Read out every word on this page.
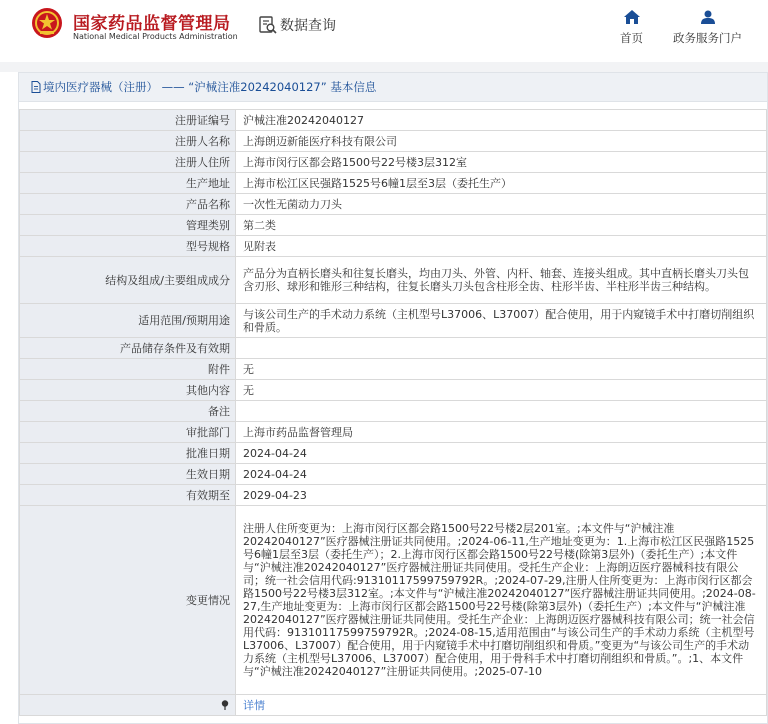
国家药品监督管理局
National Medical Products Administration
数据查询
首页	政务服务门户
境内医疗器械（注册） —— “沪械注准20242040127” 基本信息
注册证编号	沪械注准20242040127
注册人名称	上海朗迈新能医疗科技有限公司
注册人住所	上海市闵行区都会路1500号22号楼3层312室
生产地址	上海市松江区民强路1525号6幢1层至3层（委托生产）
产品名称	一次性无菌动力刀头
管理类别	第二类
型号规格	见附表
结构及组成/主要组成成分	产品分为直柄长磨头和往复长磨头，均由刀头、外管、内杆、轴套、连接头组成。其中直柄长磨头刀头包含刃形、球形和锥形三种结构，往复长磨头刀头包含柱形全齿、柱形半齿、半柱形半齿三种结构。
适用范围/预期用途	与该公司生产的手术动力系统（主机型号L37006、L37007）配合使用，用于内窥镜手术中打磨切削组织和骨质。
产品储存条件及有效期	
附件	无
其他内容	无
备注	
审批部门	上海市药品监督管理局
批准日期	2024-04-24
生效日期	2024-04-24
有效期至	2029-04-23
变更情况	注册人住所变更为：上海市闵行区都会路1500号22号楼2层201室。;本文件与“沪械注准20242040127”医疗器械注册证共同使用。;2024-06-11,生产地址变更为：1.上海市松江区民强路1525号6幢1层至3层（委托生产）；2.上海市闵行区都会路1500号22号楼(除第3层外)（委托生产）;本文件与“沪械注准20242040127”医疗器械注册证共同使用。受托生产企业：上海朗迈医疗器械科技有限公司；统一社会信用代码:91310117599759792R。;2024-07-29,注册人住所变更为：上海市闵行区都会路1500号22号楼3层312室。;本文件与“沪械注准20242040127”医疗器械注册证共同使用。;2024-08-27,生产地址变更为：上海市闵行区都会路1500号22号楼(除第3层外)（委托生产）;本文件与“沪械注准20242040127”医疗器械注册证共同使用。受托生产企业：上海朗迈医疗器械科技有限公司；统一社会信用代码：91310117599759792R。;2024-08-15,适用范围由“与该公司生产的手术动力系统（主机型号L37006、L37007）配合使用，用于内窥镜手术中打磨切削组织和骨质。”变更为“与该公司生产的手术动力系统（主机型号L37006、L37007）配合使用，用于骨科手术中打磨切削组织和骨质。”。;1、本文件与“沪械注准20242040127”注册证共同使用。;2025-07-10
	详情
